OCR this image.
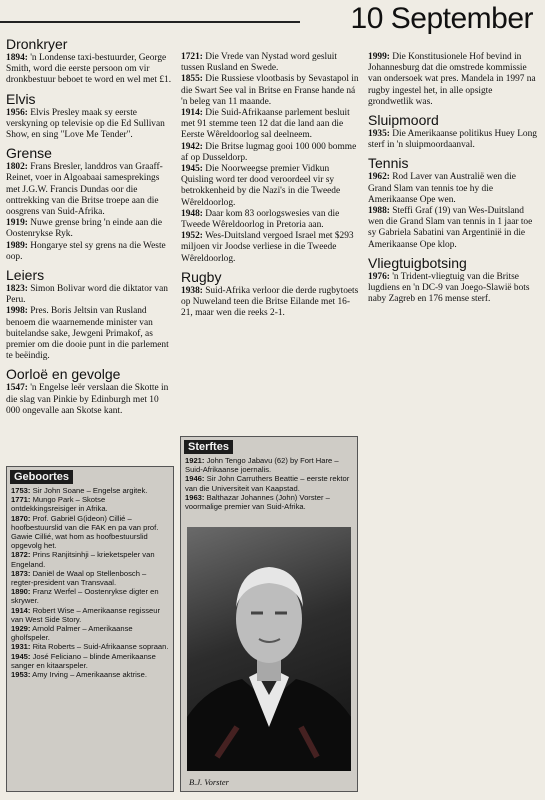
10 September
Dronkryer

1894: 'n Londense taxi-bestuurder, George Smith, word die eerste persoon om vir dronkbestuur beboet te word en wel met £1.

Elvis

1956: Elvis Presley maak sy eerste verskyning op televisie op die Ed Sullivan Show, en sing "Love Me Tender".

Grense

1802: Frans Bresler, landdros van Graaff-Reinet, voer in Algoabaai samesprekings met J.G.W. Francis Dundas oor die onttrekking van die Britse troepe aan die oosgrens van Suid-Afrika.

1919: Nuwe grense bring 'n einde aan die Oostenrykse Ryk.

1989: Hongarye stel sy grens na die Weste oop.

Leiers

1823: Simon Bolivar word die diktator van Peru.

1998: Pres. Boris Jeltsin van Rusland benoem die waarnemende minister van buitelandse sake, Jewgeni Primakof, as premier om die dooie punt in die parlement te beëindig.

Oorloë en gevolge

1547: 'n Engelse leër verslaan die Skotte in die slag van Pinkie by Edinburgh met 10 000 ongevalle aan Skotse kant.

1721: Die Vrede van Nystad word gesluit tussen Rusland en Swede.

1855: Die Russiese vlootbasis by Sevastapol in die Swart See val in Britse en Franse hande ná 'n beleg van 11 maande.

1914: Die Suid-Afrikaanse parlement besluit met 91 stemme teen 12 dat die land aan die Eerste Wêreldoorlog sal deelneem.

1942: Die Britse lugmag gooi 100 000 bomme af op Dusseldorp.

1945: Die Noorweegse premier Vidkun Quisling word ter dood veroordeel vir sy betrokkenheid by die Nazi's in die Tweede Wêreldoorlog.

1948: Daar kom 83 oorlogswesies van die Tweede Wêreldoorlog in Pretoria aan.

1952: Wes-Duitsland vergoed Israel met $293 miljoen vir Joodse verliese in die Tweede Wêreldoorlog.

Rugby

1938: Suid-Afrika verloor die derde rugbytoets op Nuweland teen die Britse Eilande met 16-21, maar wen die reeks 2-1.

1999: Die Konstitusionele Hof bevind in Johannesburg dat die omstrede kommissie van ondersoek wat pres. Mandela in 1997 na rugby ingestel het, in alle opsigte grondwetlik was.

Sluipmoord

1935: Die Amerikaanse politikus Huey Long sterf in 'n sluipmoordaanval.

Tennis

1962: Rod Laver van Australië wen die Grand Slam van tennis toe hy die Amerikaanse Ope wen.

1988: Steffi Graf (19) van Wes-Duitsland wen die Grand Slam van tennis in 1 jaar toe sy Gabriela Sabatini van Argentinië in die Amerikaanse Ope klop.

Vliegtuigbotsing

1976: 'n Trident-vliegtuig van die Britse lugdiens en 'n DC-9 van Joego-Slawië bots naby Zagreb en 176 mense sterf.

Geboortes

1753: Sir John Soane – Engelse argitek.

1771: Mungo Park – Skotse ontdekkingsreisiger in Afrika.

1870: Prof. Gabriël G(ideon) Cillié – hoofbestuurslid van die FAK en pa van prof. Gawie Cillié, wat hom as hoofbestuurslid opgevolg het.

1872: Prins Ranjitsinhji – krieketspeler van Engeland.

1873: Daniël de Waal op Stellenbosch – regter-president van Transvaal.

1890: Franz Werfel – Oostenrykse digter en skrywer.

1914: Robert Wise – Amerikaanse regisseur van West Side Story.

1929: Arnold Palmer – Amerikaanse gholfspeler.

1931: Rita Roberts – Suid-Afrikaanse sopraan.

1945: José Feliciano – blinde Amerikaanse sanger en kitaarspeler.

1953: Amy Irving – Amerikaanse aktrise.

Sterftes

1921: John Tengo Jabavu (62) by Fort Hare – Suid-Afrikaanse joernalis.

1946: Sir John Carruthers Beattie – eerste rektor van die Universiteit van Kaapstad.

1963: Balthazar Johannes (John) Vorster – voormalige premier van Suid-Afrika.

B.J. Vorster
